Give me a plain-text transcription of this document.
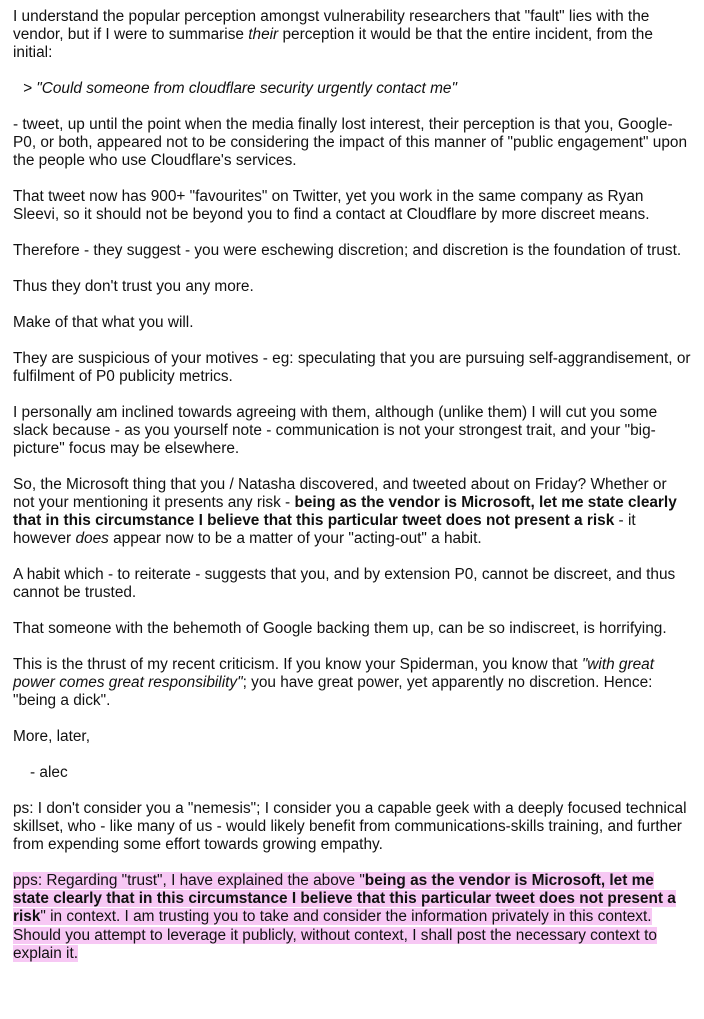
I understand the popular perception amongst vulnerability researchers that "fault" lies with the vendor, but if I were to summarise their perception it would be that the entire incident, from the initial:

> "Could someone from cloudflare security urgently contact me"

- tweet, up until the point when the media finally lost interest, their perception is that you, Google-P0, or both, appeared not to be considering the impact of this manner of "public engagement" upon the people who use Cloudflare's services.

That tweet now has 900+ "favourites" on Twitter, yet you work in the same company as Ryan Sleevi, so it should not be beyond you to find a contact at Cloudflare by more discreet means.

Therefore - they suggest - you were eschewing discretion; and discretion is the foundation of trust.

Thus they don't trust you any more.

Make of that what you will.

They are suspicious of your motives - eg: speculating that you are pursuing self-aggrandisement, or fulfilment of P0 publicity metrics.

I personally am inclined towards agreeing with them, although (unlike them) I will cut you some slack because - as you yourself note - communication is not your strongest trait, and your "big-picture" focus may be elsewhere.

So, the Microsoft thing that you / Natasha discovered, and tweeted about on Friday? Whether or not your mentioning it presents any risk - being as the vendor is Microsoft, let me state clearly that in this circumstance I believe that this particular tweet does not present a risk - it however does appear now to be a matter of your "acting-out" a habit.

A habit which - to reiterate - suggests that you, and by extension P0, cannot be discreet, and thus cannot be trusted.

That someone with the behemoth of Google backing them up, can be so indiscreet, is horrifying.

This is the thrust of my recent criticism. If you know your Spiderman, you know that "with great power comes great responsibility"; you have great power, yet apparently no discretion. Hence: "being a dick".

More, later,

- alec

ps: I don't consider you a "nemesis"; I consider you a capable geek with a deeply focused technical skillset, who - like many of us - would likely benefit from communications-skills training, and further from expending some effort towards growing empathy.

pps: Regarding "trust", I have explained the above "being as the vendor is Microsoft, let me state clearly that in this circumstance I believe that this particular tweet does not present a risk" in context. I am trusting you to take and consider the information privately in this context. Should you attempt to leverage it publicly, without context, I shall post the necessary context to explain it.
